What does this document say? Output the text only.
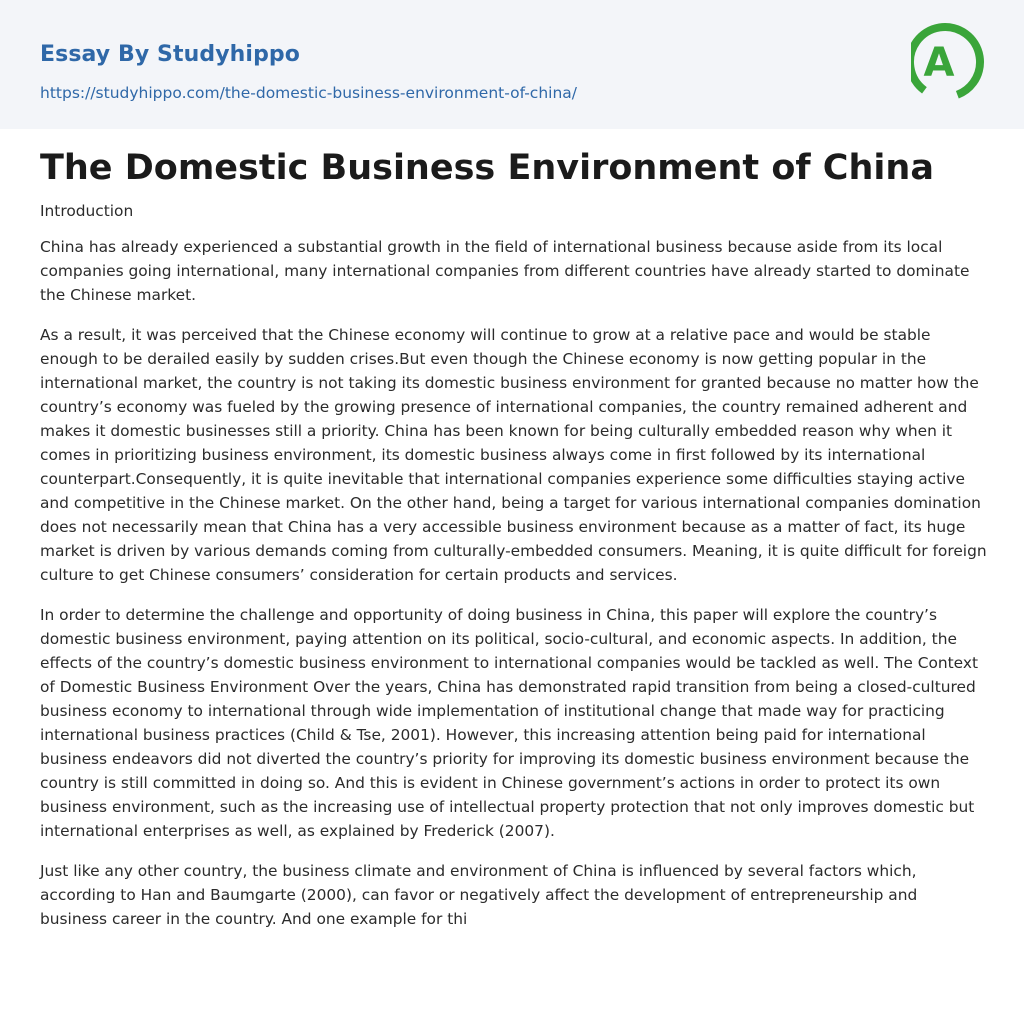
Essay By Studyhippo
https://studyhippo.com/the-domestic-business-environment-of-china/
A
The Domestic Business Environment of China

Introduction

China has already experienced a substantial growth in the field of international business because aside from its local companies going international, many international companies from different countries have already started to dominate the Chinese market.

As a result, it was perceived that the Chinese economy will continue to grow at a relative pace and would be stable enough to be derailed easily by sudden crises.But even though the Chinese economy is now getting popular in the international market, the country is not taking its domestic business environment for granted because no matter how the country’s economy was fueled by the growing presence of international companies, the country remained adherent and makes it domestic businesses still a priority. China has been known for being culturally embedded reason why when it comes in prioritizing business environment, its domestic business always come in first followed by its international counterpart.Consequently, it is quite inevitable that international companies experience some difficulties staying active and competitive in the Chinese market. On the other hand, being a target for various international companies domination does not necessarily mean that China has a very accessible business environment because as a matter of fact, its huge market is driven by various demands coming from culturally-embedded consumers. Meaning, it is quite difficult for foreign culture to get Chinese consumers’ consideration for certain products and services.

In order to determine the challenge and opportunity of doing business in China, this paper will explore the country’s domestic business environment, paying attention on its political, socio-cultural, and economic aspects. In addition, the effects of the country’s domestic business environment to international companies would be tackled as well. The Context of Domestic Business Environment Over the years, China has demonstrated rapid transition from being a closed-cultured business economy to international through wide implementation of institutional change that made way for practicing international business practices (Child & Tse, 2001). However, this increasing attention being paid for international business endeavors did not diverted the country’s priority for improving its domestic business environment because the country is still committed in doing so. And this is evident in Chinese government’s actions in order to protect its own business environment, such as the increasing use of intellectual property protection that not only improves domestic but international enterprises as well, as explained by Frederick (2007).

Just like any other country, the business climate and environment of China is influenced by several factors which, according to Han and Baumgarte (2000), can favor or negatively affect the development of entrepreneurship and business career in the country. And one example for thi
